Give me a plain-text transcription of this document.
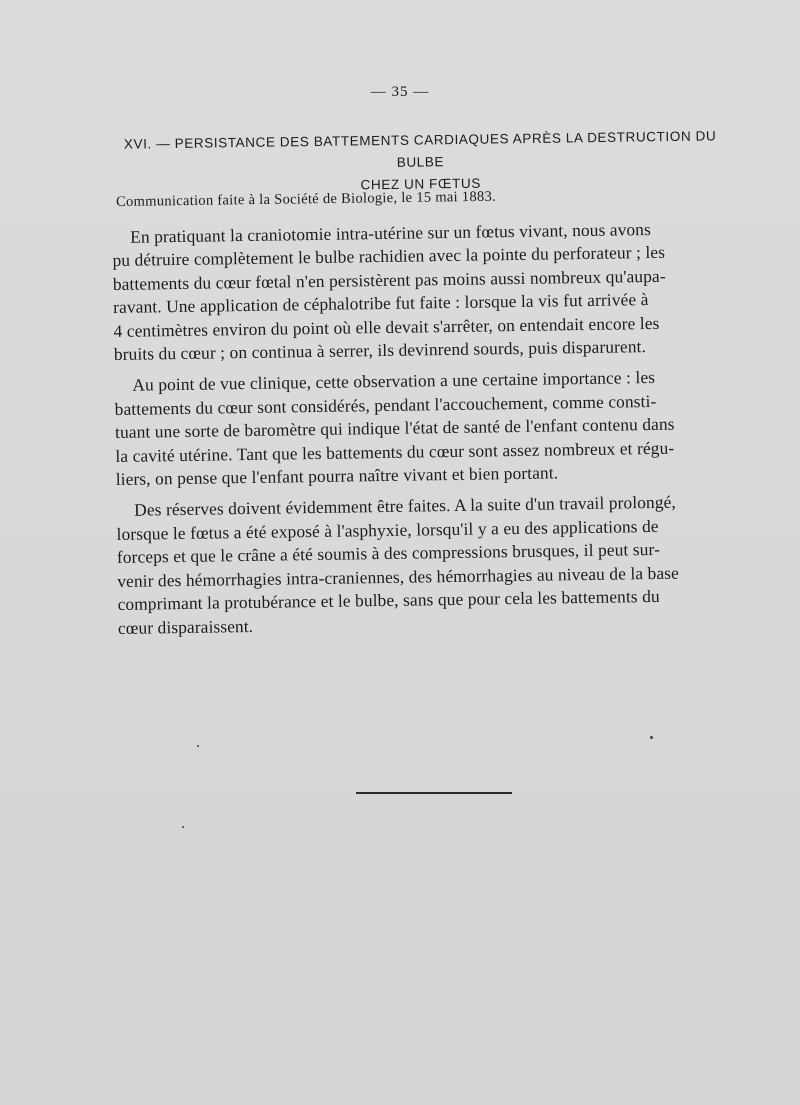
— 35 —
XVI. — PERSISTANCE DES BATTEMENTS CARDIAQUES APRÈS LA DESTRUCTION DU BULBE
CHEZ UN FŒTUS
Communication faite à la Société de Biologie, le 15 mai 1883.

En pratiquant la craniotomie intra-utérine sur un fœtus vivant, nous avons
pu détruire complètement le bulbe rachidien avec la pointe du perforateur ; les
battements du cœur fœtal n'en persistèrent pas moins aussi nombreux qu'aupa-
ravant. Une application de céphalotribe fut faite : lorsque la vis fut arrivée à
4 centimètres environ du point où elle devait s'arrêter, on entendait encore les
bruits du cœur ; on continua à serrer, ils devinrend sourds, puis disparurent.

Au point de vue clinique, cette observation a une certaine importance : les
battements du cœur sont considérés, pendant l'accouchement, comme consti-
tuant une sorte de baromètre qui indique l'état de santé de l'enfant contenu dans
la cavité utérine. Tant que les battements du cœur sont assez nombreux et régu-
liers, on pense que l'enfant pourra naître vivant et bien portant.

Des réserves doivent évidemment être faites. A la suite d'un travail prolongé,
lorsque le fœtus a été exposé à l'asphyxie, lorsqu'il y a eu des applications de
forceps et que le crâne a été soumis à des compressions brusques, il peut sur-
venir des hémorrhagies intra-craniennes, des hémorrhagies au niveau de la base
comprimant la protubérance et le bulbe, sans que pour cela les battements du
cœur disparaissent.
